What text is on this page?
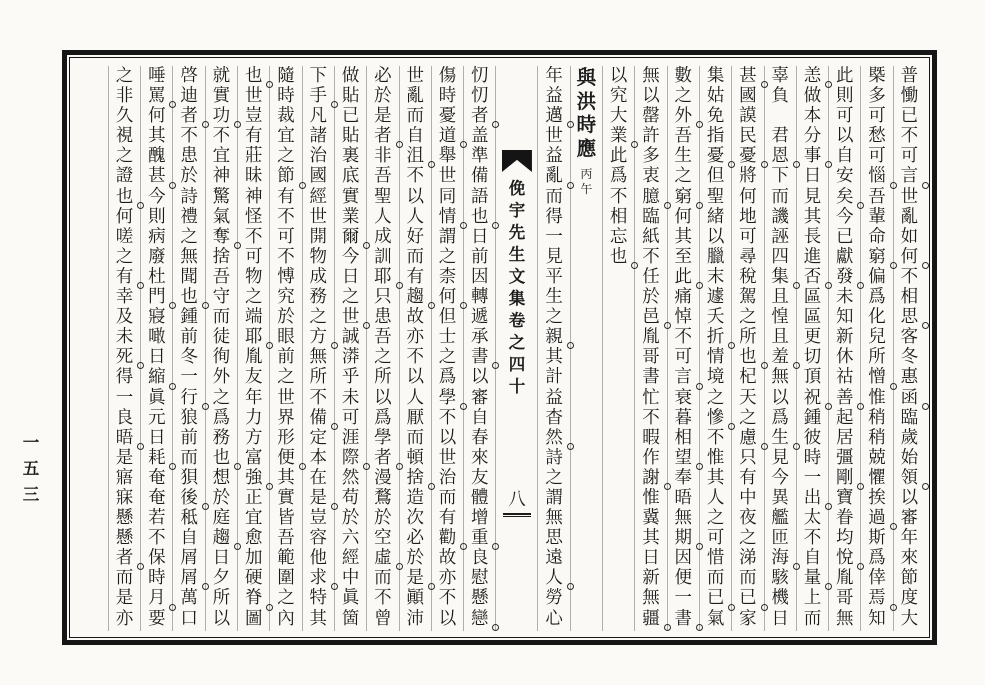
一
五
三
普
慟
已
不
可
言
世
亂
如
何
不
相
思
客
冬
惠
函
臨
歲
始
領
以
審
年
來
節
度
大
槩
多
可
愁
可
惱
吾
輩
命
窮
偏
爲
化
兒
所
憎
惟
稍
稍
兢
懼
挨
過
斯
爲
倖
焉
知
此
則
可
以
自
安
矣
今
已
獻
發
未
知
新
休
祜
善
起
居
彊
剛
寶
眷
均
悅
胤
哥
無
恙
做
本
分
事
日
見
其
長
進
否
區
區
更
切
頂
祝
鍾
彼
時
一
出
太
不
自
量
上
而
辜
負
君
恩
下
而
譏
誣
四
集
且
惶
且
羞
無
以
爲
生
見
今
異
艦
匝
海
駭
機
日
甚
國
謨
民
憂
將
何
地
可
尋
稅
駕
之
所
也
杞
天
之
慮
只
有
中
夜
之
涕
而
已
家
集
姑
免
指
憂
但
聖
緒
以
臘
末
遽
夭
折
情
境
之
慘
不
惟
其
人
之
可
惜
而
已
氣
數
之
外
吾
生
之
窮
何
其
至
此
痛
悼
不
可
言
衰
暮
相
望
奉
晤
無
期
因
便
一
書
無
以
罄
許
多
衷
臆
臨
紙
不
任
於
邑
胤
哥
書
忙
不
暇
作
謝
惟
冀
其
日
新
無
疆
以
究
大
業
此
爲
不
相
忘
也
與
洪
時
應
丙
午
年
益
邁
世
益
亂
而
得
一
見
平
生
之
親
其
計
益
杳
然
詩
之
謂
無
思
遠
人
勞
心
俛
宇
先
生
文
集
卷
之
四
十
八
忉
忉
者
盖
準
備
語
也
日
前
因
轉
遞
承
書
以
審
自
春
來
友
體
增
重
良
慰
懸
戀
傷
時
憂
道
舉
世
同
情
謂
之
柰
何
但
士
之
爲
學
不
以
世
治
而
有
勸
故
亦
不
以
世
亂
而
自
沮
不
以
人
好
而
有
趨
故
亦
不
以
人
厭
而
頓
捨
造
次
必
於
是
顚
沛
必
於
是
者
非
吾
聖
人
成
訓
耶
只
患
吾
之
所
以
爲
學
者
漫
鶩
於
空
虛
而
不
曾
做
貼
已
貼
裏
底
實
業
爾
今
日
之
世
誠
漭
乎
未
可
涯
際
然
苟
於
六
經
中
眞
箇
下
手
凡
諸
治
國
經
世
開
物
成
務
之
方
無
所
不
備
定
本
在
是
豈
容
他
求
特
其
隨
時
裁
宜
之
節
有
不
可
不
愽
究
於
眼
前
之
世
界
形
便
其
實
皆
吾
範
圍
之
內
也
世
豈
有
莊
昧
神
怪
不
可
物
之
端
耶
胤
友
年
力
方
富
強
正
宜
愈
加
硬
脊
圖
就
實
功
不
宜
神
驚
氣
奪
捨
吾
守
而
徒
徇
外
之
爲
務
也
想
於
庭
趨
日
夕
所
以
啓
迪
者
不
患
於
詩
禮
之
無
聞
也
鍾
前
冬
一
行
狼
前
而
狽
後
秪
自
屑
屑
萬
口
唾
罵
何
其
醜
甚
今
則
病
廢
杜
門
寢
噉
日
縮
眞
元
日
耗
奄
奄
若
不
保
時
月
要
之
非
久
視
之
證
也
何
嗟
之
有
幸
及
未
死
得
一
良
晤
是
寤
寐
懸
懸
者
而
是
亦
